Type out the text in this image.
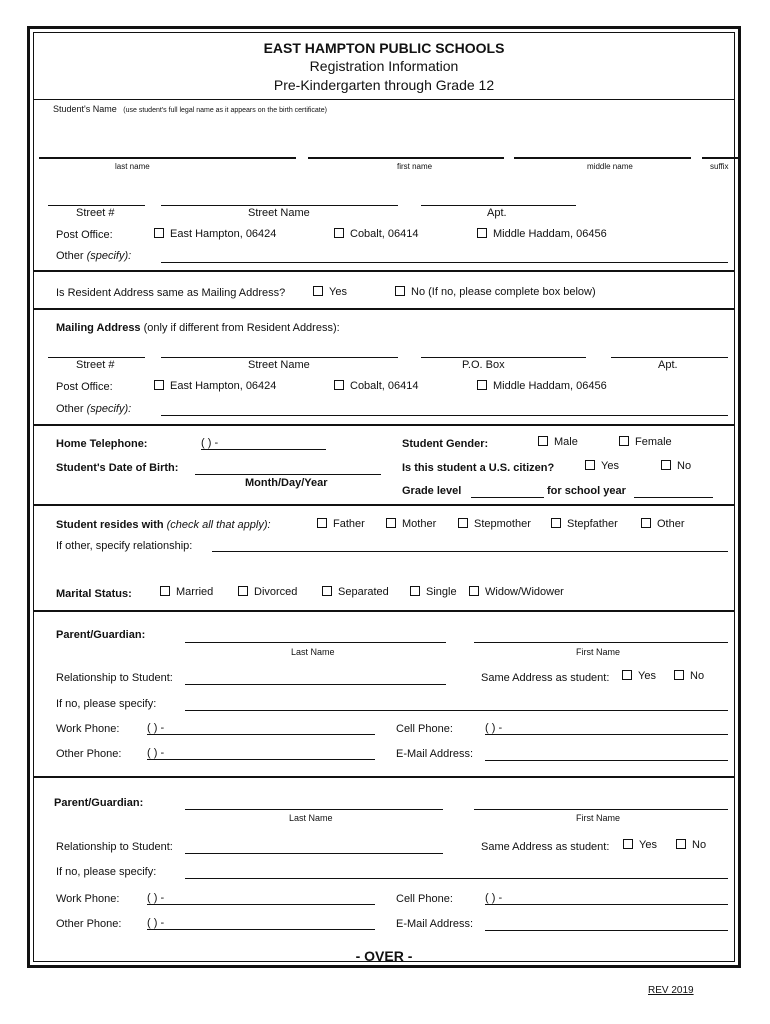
EAST HAMPTON PUBLIC SCHOOLS
Registration Information
Pre-Kindergarten through Grade 12
Student's Name (use student's full legal name as it appears on the birth certificate)
last name	first name	middle name	suffix
Street #	Street Name	Apt.
Post Office:	East Hampton, 06424	Cobalt, 06414	Middle Haddam, 06456
Other (specify):
Is Resident Address same as Mailing Address?	Yes	No (If no, please complete box below)
Mailing Address (only if different from Resident Address):
Street #	Street Name	P.O. Box	Apt.
Post Office:	East Hampton, 06424	Cobalt, 06414	Middle Haddam, 06456
Other (specify):
Home Telephone:	( ) -
Student's Date of Birth:
Month/Day/Year
Student Gender:	Male	Female
Is this student a U.S. citizen?	Yes	No
Grade level	for school year
Student resides with (check all that apply):	Father	Mother	Stepmother	Stepfather	Other
If other, specify relationship:
Marital Status:	Married	Divorced	Separated	Single	Widow/Widower
Parent/Guardian:
Last Name	First Name
Relationship to Student:	Same Address as student:	Yes	No
If no, please specify:
Work Phone:	( ) -	Cell Phone:	( ) -
Other Phone: ( ) -	E-Mail Address:
Parent/Guardian:
Last Name	First Name
Relationship to Student:	Same Address as student:	Yes	No
If no, please specify:
Work Phone:	( ) -	Cell Phone:	( ) -
Other Phone: ( ) -	E-Mail Address:
- OVER -
REV 2019
